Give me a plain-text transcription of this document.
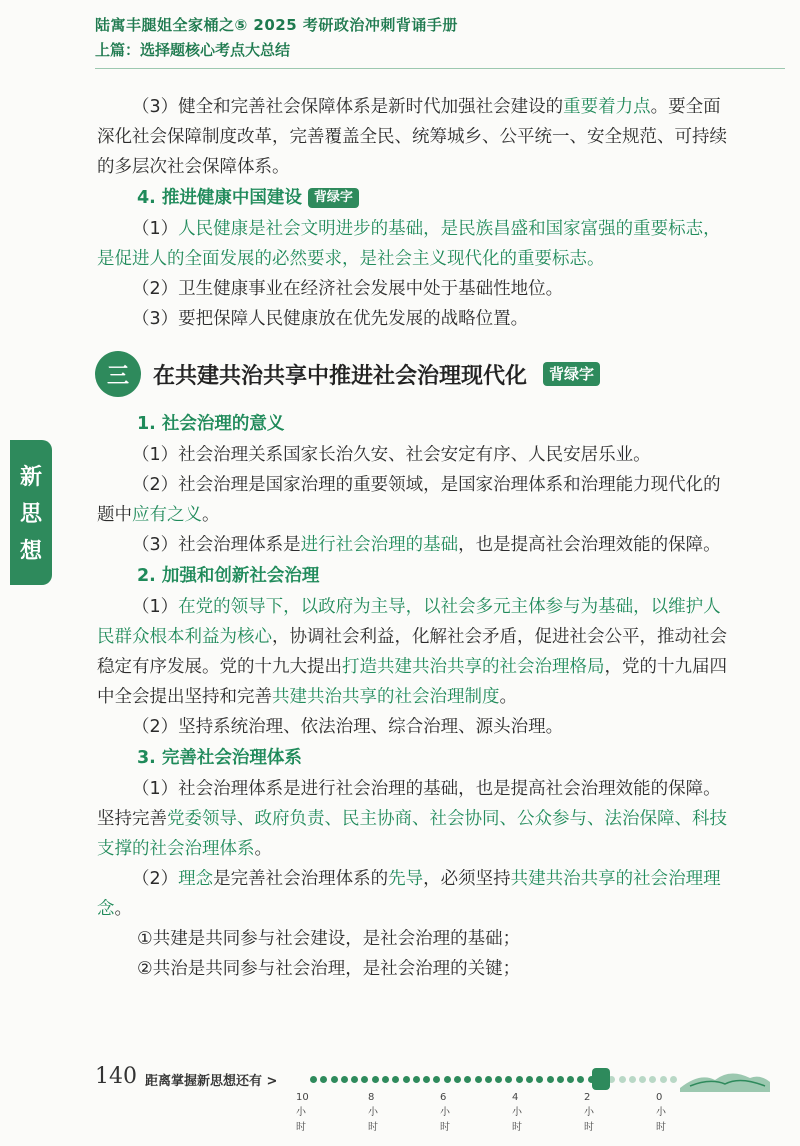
陆寓丰腿姐全家桶之⑤ 2025 考研政治冲刺背诵手册
上篇：选择题核心考点大总结
新
思
想

（3）健全和完善社会保障体系是新时代加强社会建设的重要着力点。要全面深化社会保障制度改革，完善覆盖全民、统筹城乡、公平统一、安全规范、可持续的多层次社会保障体系。

4. 推进健康中国建设 背绿字

（1）人民健康是社会文明进步的基础，是民族昌盛和国家富强的重要标志，是促进人的全面发展的必然要求，是社会主义现代化的重要标志。

（2）卫生健康事业在经济社会发展中处于基础性地位。

（3）要把保障人民健康放在优先发展的战略位置。

三	在共建共治共享中推进社会治理现代化	背绿字
1. 社会治理的意义

（1）社会治理关系国家长治久安、社会安定有序、人民安居乐业。

（2）社会治理是国家治理的重要领域，是国家治理体系和治理能力现代化的题中应有之义。

（3）社会治理体系是进行社会治理的基础，也是提高社会治理效能的保障。

2. 加强和创新社会治理

（1）在党的领导下，以政府为主导，以社会多元主体参与为基础，以维护人民群众根本利益为核心，协调社会利益，化解社会矛盾，促进社会公平，推动社会稳定有序发展。党的十九大提出打造共建共治共享的社会治理格局，党的十九届四中全会提出坚持和完善共建共治共享的社会治理制度。

（2）坚持系统治理、依法治理、综合治理、源头治理。

3. 完善社会治理体系

（1）社会治理体系是进行社会治理的基础，也是提高社会治理效能的保障。坚持完善党委领导、政府负责、民主协商、社会协同、公众参与、法治保障、科技支撑的社会治理体系。

（2）理念是完善社会治理体系的先导，必须坚持共建共治共享的社会治理理念。

①共建是共同参与社会建设，是社会治理的基础；
②共治是共同参与社会治理，是社会治理的关键；
140 距离掌握新思想还有 >
10小时
8小时
6小时
4小时
2小时
0小时
